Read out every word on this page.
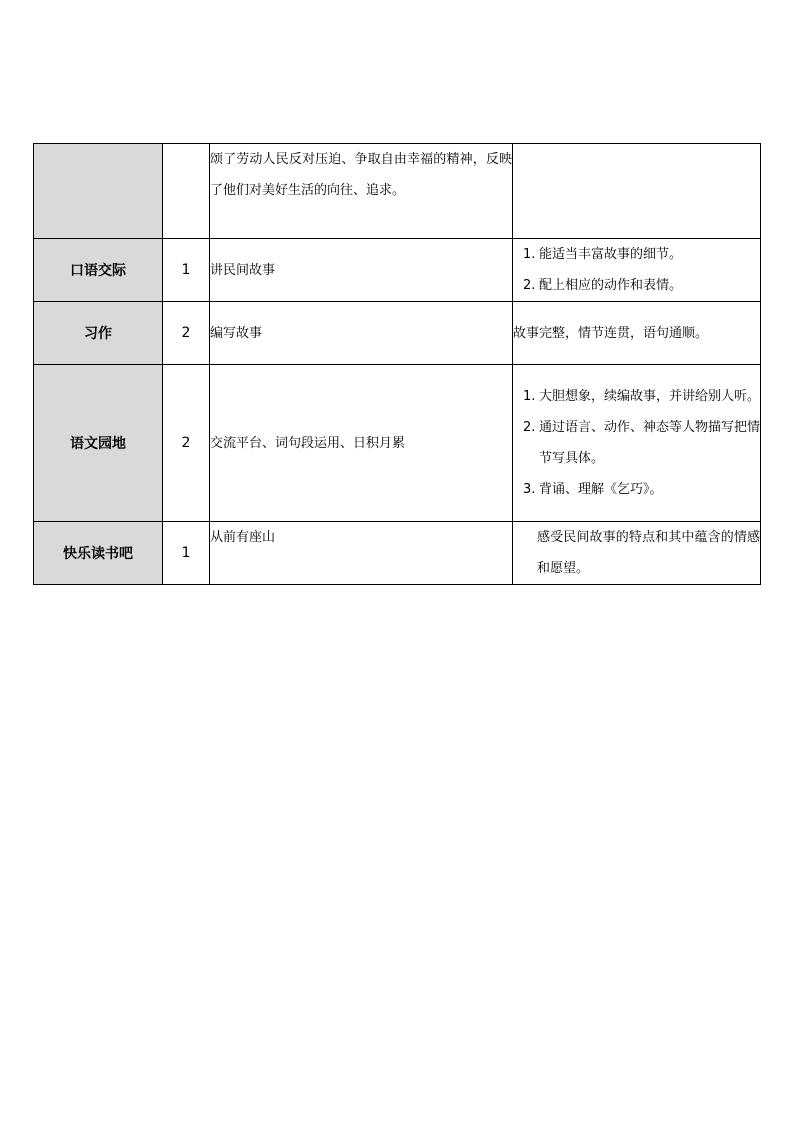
		颂了劳动人民反对压迫、争取自由幸福的精神，反映了他们对美好生活的向往、追求。	

口语交际	1	讲民间故事	1. 能适当丰富故事的细节。
2. 配上相应的动作和表情。

习作	2	编写故事	故事完整，情节连贯，语句通顺。

语文园地	2	交流平台、词句段运用、日积月累	1. 大胆想象，续编故事，并讲给别人听。
2. 通过语言、动作、神态等人物描写把情节写具体。
3. 背诵、理解《乞巧》。

快乐读书吧	1	从前有座山	感受民间故事的特点和其中蕴含的情感和愿望。
